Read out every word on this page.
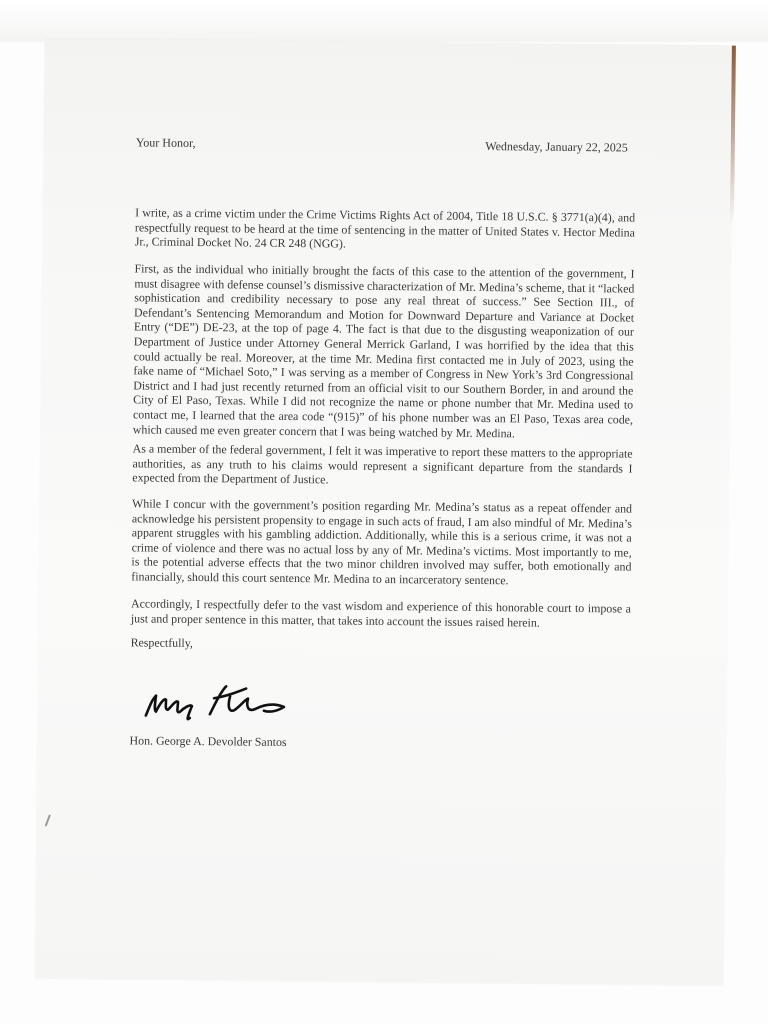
Your Honor,	Wednesday, January 22, 2025

I write, as a crime victim under the Crime Victims Rights Act of 2004, Title 18 U.S.C. § 3771(a)(4), and respectfully request to be heard at the time of sentencing in the matter of United States v. Hector Medina Jr., Criminal Docket No. 24 CR 248 (NGG).

First, as the individual who initially brought the facts of this case to the attention of the government, I must disagree with defense counsel’s dismissive characterization of Mr. Medina’s scheme, that it “lacked sophistication and credibility necessary to pose any real threat of success.” See Section III., of Defendant’s Sentencing Memorandum and Motion for Downward Departure and Variance at Docket Entry (“DE”) DE-23, at the top of page 4. The fact is that due to the disgusting weaponization of our Department of Justice under Attorney General Merrick Garland, I was horrified by the idea that this could actually be real. Moreover, at the time Mr. Medina first contacted me in July of 2023, using the fake name of “Michael Soto,” I was serving as a member of Congress in New York’s 3rd Congressional District and I had just recently returned from an official visit to our Southern Border, in and around the City of El Paso, Texas. While I did not recognize the name or phone number that Mr. Medina used to contact me, I learned that the area code “(915)” of his phone number was an El Paso, Texas area code, which caused me even greater concern that I was being watched by Mr. Medina.

As a member of the federal government, I felt it was imperative to report these matters to the appropriate authorities, as any truth to his claims would represent a significant departure from the standards I expected from the Department of Justice.

While I concur with the government’s position regarding Mr. Medina’s status as a repeat offender and acknowledge his persistent propensity to engage in such acts of fraud, I am also mindful of Mr. Medina’s apparent struggles with his gambling addiction. Additionally, while this is a serious crime, it was not a crime of violence and there was no actual loss by any of Mr. Medina’s victims. Most importantly to me, is the potential adverse effects that the two minor children involved may suffer, both emotionally and financially, should this court sentence Mr. Medina to an incarceratory sentence.

Accordingly, I respectfully defer to the vast wisdom and experience of this honorable court to impose a just and proper sentence in this matter, that takes into account the issues raised herein.

Respectfully,

Hon. George A. Devolder Santos
